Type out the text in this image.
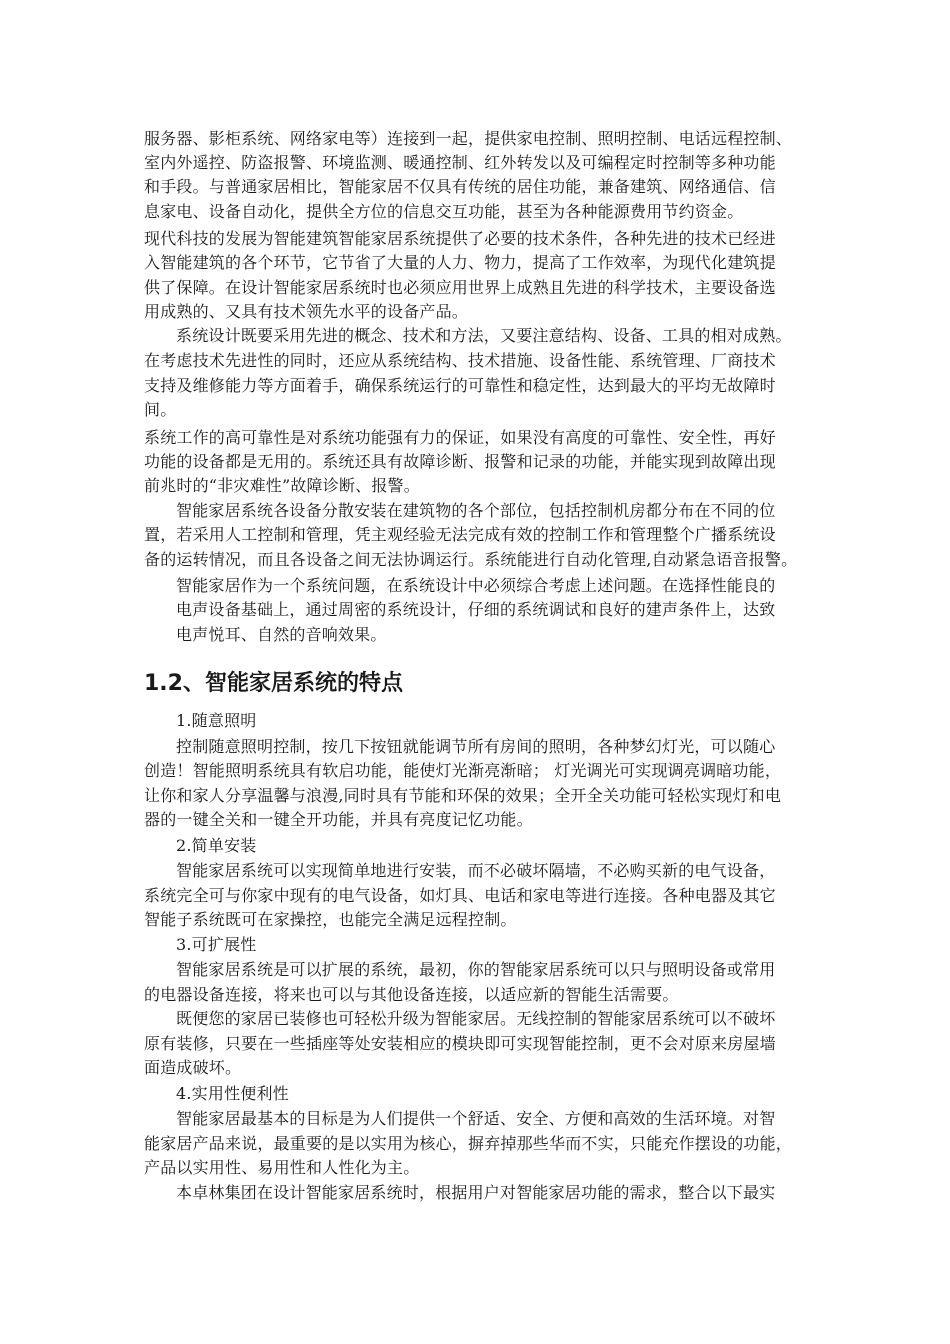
服务器、影柜系统、网络家电等）连接到一起，提供家电控制、照明控制、电话远程控制、
室内外遥控、防盗报警、环境监测、暖通控制、红外转发以及可编程定时控制等多种功能
和手段。与普通家居相比，智能家居不仅具有传统的居住功能，兼备建筑、网络通信、信
息家电、设备自动化，提供全方位的信息交互功能，甚至为各种能源费用节约资金。
现代科技的发展为智能建筑智能家居系统提供了必要的技术条件，各种先进的技术已经进
入智能建筑的各个环节，它节省了大量的人力、物力，提高了工作效率，为现代化建筑提
供了保障。在设计智能家居系统时也必须应用世界上成熟且先进的科学技术，主要设备选
用成熟的、又具有技术领先水平的设备产品。
系统设计既要采用先进的概念、技术和方法，又要注意结构、设备、工具的相对成熟。
在考虑技术先进性的同时，还应从系统结构、技术措施、设备性能、系统管理、厂商技术
支持及维修能力等方面着手，确保系统运行的可靠性和稳定性，达到最大的平均无故障时
间。
系统工作的高可靠性是对系统功能强有力的保证，如果没有高度的可靠性、安全性，再好
功能的设备都是无用的。系统还具有故障诊断、报警和记录的功能，并能实现到故障出现
前兆时的“非灾难性”故障诊断、报警。
智能家居系统各设备分散安装在建筑物的各个部位，包括控制机房都分布在不同的位
置，若采用人工控制和管理，凭主观经验无法完成有效的控制工作和管理整个广播系统设
备的运转情况，而且各设备之间无法协调运行。系统能进行自动化管理,自动紧急语音报警。
智能家居作为一个系统问题，在系统设计中必须综合考虑上述问题。在选择性能良的
电声设备基础上，通过周密的系统设计，仔细的系统调试和良好的建声条件上，达致
电声悦耳、自然的音响效果。
1.2、智能家居系统的特点
1.随意照明
控制随意照明控制，按几下按钮就能调节所有房间的照明，各种梦幻灯光，可以随心
创造！智能照明系统具有软启功能，能使灯光渐亮渐暗； 灯光调光可实现调亮调暗功能，
让你和家人分享温馨与浪漫,同时具有节能和环保的效果；全开全关功能可轻松实现灯和电
器的一键全关和一键全开功能，并具有亮度记忆功能。
2.简单安装
智能家居系统可以实现简单地进行安装，而不必破坏隔墙，不必购买新的电气设备，
系统完全可与你家中现有的电气设备，如灯具、电话和家电等进行连接。各种电器及其它
智能子系统既可在家操控，也能完全满足远程控制。
3.可扩展性
智能家居系统是可以扩展的系统，最初，你的智能家居系统可以只与照明设备或常用
的电器设备连接，将来也可以与其他设备连接，以适应新的智能生活需要。
既便您的家居已装修也可轻松升级为智能家居。无线控制的智能家居系统可以不破坏
原有装修，只要在一些插座等处安装相应的模块即可实现智能控制，更不会对原来房屋墙
面造成破坏。
4.实用性便利性
智能家居最基本的目标是为人们提供一个舒适、安全、方便和高效的生活环境。对智
能家居产品来说，最重要的是以实用为核心，摒弃掉那些华而不实，只能充作摆设的功能，
产品以实用性、易用性和人性化为主。
本卓林集团在设计智能家居系统时，根据用户对智能家居功能的需求，整合以下最实
